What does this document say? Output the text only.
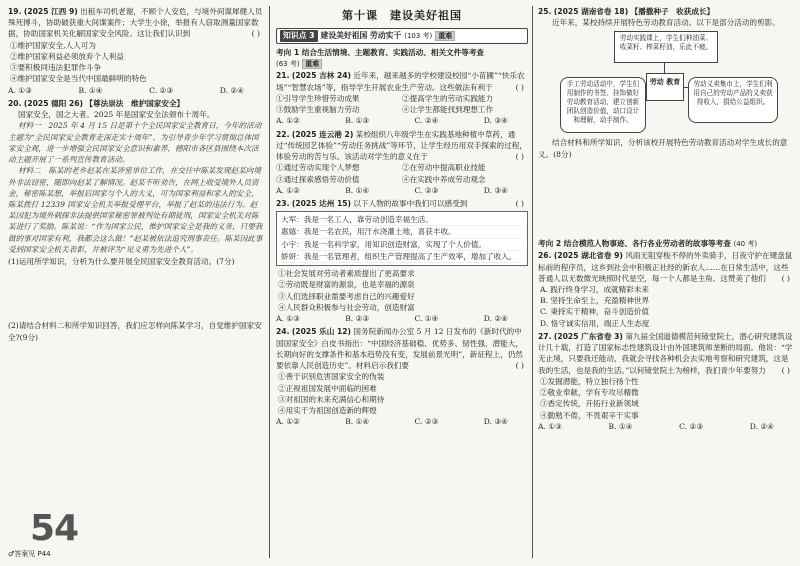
19. (2025 江西 9) 出租车司机老谢，不顾个人安危，与境外间谍犀健人员殊死搏斗，协助破获重大间谍案件；大学生小徐，举报有人窃取测量国家数据，协助国家机关化解国家安全风险。这让我们认识到	( )
①维护国家安全,人人可为
②维护国家利益必须放弃个人利益
③要积极同违法犯罪作斗争
④维护国家安全是当代中国最鲜明的特色
A. ①③	B. ①④	C. ②③	D. ②④
20. (2025 德阳 26) 【尊法崇法　维护国家安全】
国家安全，国之大者。2025 年是国家安全法颁布十周年。
材料一　2025 年 4 月 15 日是第十个全民国家安全教育日，今年的活动主题为“全民国家安全教育走深走实十周年”。为引导青少年学习贯彻总体国家安全观，进一步增强全民国家安全意识和素养，德阳市各区县围绕本次活动主题开展了一系列宣传教育活动。
材料二　陈某的老乡赵某在某涉密单位工作，在交往中陈某发现赵某向境外非法窃密，随即向赵某了解情况。赵某不听劝告，在网上收受境外人员资金，秘密陈某想，举报后国家与个人的大义，可为国家利益和家人的安全，陈某拨打 12339 国家安全机关举报受理平台，举报了赵某的违法行为。赵某因犯为境外刺探非法提供国家秘密罪被判处有期徒刑，国家安全机关对陈某进行了奖励。陈某说：“作为国家公民，维护国家安全是我的义务，只要我做的事对国家有利，我都会这么做！”赵某被依法追究刑事责任。陈某因此事受到国家安全机关表彰，并被评为“见义勇为先进个人”。
(1)运用所学知识，分析为什么要开展全民国家安全教育活动。(7分)
(2)请结合材料二和所学知识回答，我们应怎样向陈某学习，自觉维护国家安全?(9分)
54
♂答案见 P44
第十课　建设美好祖国
知识点 3 建设美好祖国 劳动实干 (103 考) 重难
考向 1 结合生活情境、主题教育、实践活动、相关文件等考查
(63 考) 重难
21. (2025 吉林 24) 近年来，越来越多的学校建设校园“小苗圃”“快乐农场”“智慧农场”等，指导学生开展农业生产劳动。这些做法有利于	( )
①引导学生珍惜劳动成果	②提高学生的劳动实践能力
③鼓励学生重视脑力劳动	④让学生都能找到理想工作
A. ①②	B. ①③	C. ②④	D. ③④
22. (2025 连云港 2) 某校组织八年级学生在实践基地种植中草药，通过“传统园艺体验”“劳动任务挑战”等环节，让学生经历用双手探索的过程，体验劳动的苦与乐。该活动对学生的意义在于	( )
①通过劳动实现个人梦想	②在劳动中提高职业技能
③通过探索感悟劳动价值	④在实践中养成劳动观念
A. ①②	B. ①④	C. ②③	D. ③④
23. (2025 达州 15) 以下人物的故事中我们可以感受到	( )
大军：我是一名工人，靠劳动创造幸福生活。
惠嬉：我是一名农民，用汗水浇灌土地，喜获丰收。
小宇：我是一名科学家，用知识创造财富，实现了个人价值。
娇妍：我是一名管理者，组织生产管理提高了生产效率，增加了收入。
①社会发展对劳动者素质提出了更高要求
②劳动既是财富的源泉，也是幸福的源泉
③人们选择职业需要考虑自己的兴趣爱好
④人民群众积极参与社会劳动，创造财富
A. ①③	B. ②③	C. ①④	D. ②④
24. (2025 乐山 12) 国务院新闻办公室 5 月 12 日发布的《新时代的中国国家安全》白皮书指出：“中国经济基础稳、优势多、韧性强、潜能大，长期向好的支撑条件和基本趋势没有变，发展前景光明”，新征程上，仍然要依靠人民创造历史”。材料启示我们要	( )
①善于识别危害国家安全的伪装
②正视祖国发展中面临的困难
③对祖国的未来充满信心和期待
④用实干为祖国创造新的辉煌
A. ①②	B. ①④	C. ②③	D. ③④
25. (2025 湖南省卷 18) 【播撒种子　收获成长】
近年来，某校持续开展特色劳动教育活动。以下是部分活动的剪影。
劳动实践课上，学生们种油菜、收菜籽、榨菜籽油，乐此不疲。
手工劳动活动中，学生们用制作的书签、挂饰做好劳动教育活动，建立创新团队创造价值，动口设计和理解，动手制作。
劳动义卖集市上，学生们利用自己的劳动产品的义卖获得收入，捐给公益组织。
劳动 教育
结合材料和所学知识，分析该校开展特色劳动教育活动对学生成长的意义。(8分)
考向 2 结合模范人物事迹、各行各业劳动者的故事等考查 (40 考)
26. (2025 湖北省卷 9) 风雨无阻穿梭不停的外卖骑手，日夜守护在键盘鼠标前的程序员，这乡到社会中积极正社经的新农人……在日常生活中，这些普通人以无数微光映照时代星空，每一个人都是主角。这赞美了他们 ( )
A. 践行终身学习，成就精彩未来
B. 坚持生命至上，充盈精神世界
C. 秉持实干精神，奋斗创造价值
D. 恪守诚实信用，端正人生态度
27. (2025 广东省卷 3) 第九届全国道德模范何镜堂院士，潜心研究建筑设计几十载，打造了国家标志性建筑设计由外国建筑师垄断的局面。他说：“学无止境，只要我还能动，我就会寻找各种机会去实地考察和研究建筑，这是我的生活，也是我的生活。”以何镜堂院士为榜样，我们青少年要努力 ( )
①发掘潜能，特立独行扬个性
②敬业奉献，学有专攻尽精微
③香定传统，开拓行业新领域
④勤勉不倦，不畏艰辛干实事
A. ①③	B. ①④	C. ②③	D. ②④
